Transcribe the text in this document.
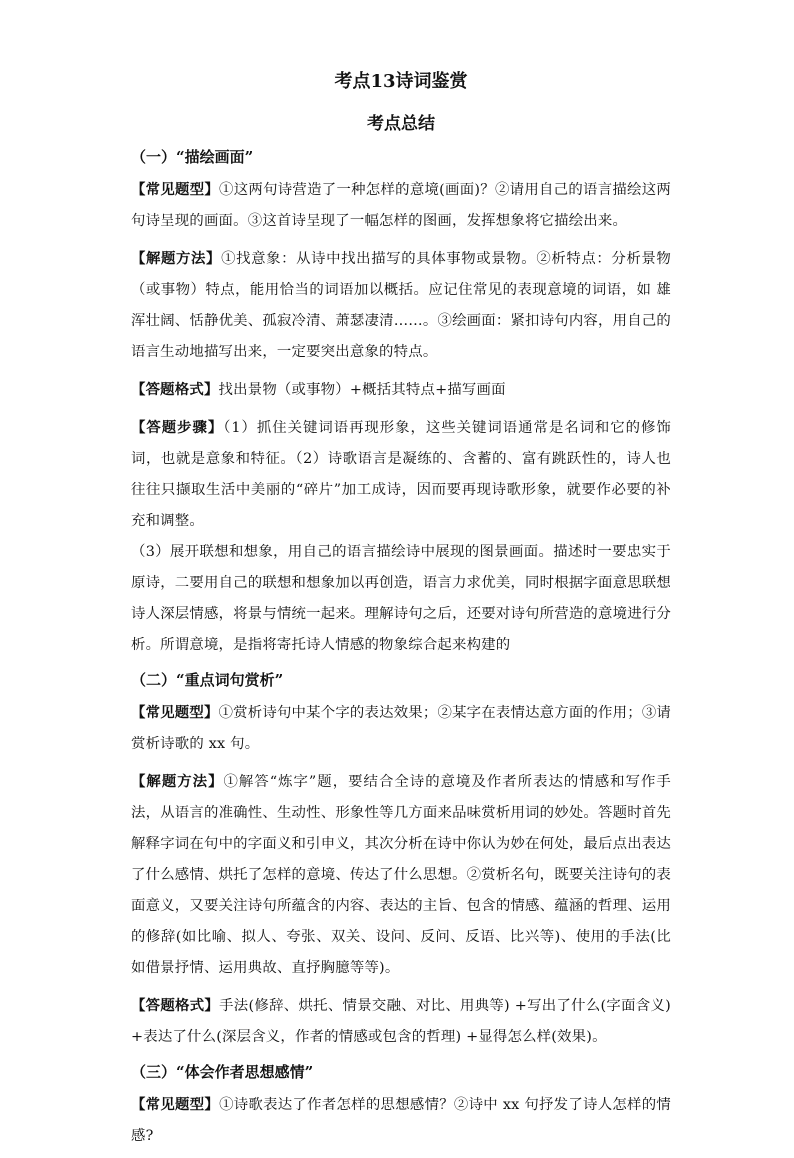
考点13诗词鉴赏
考点总结
（一）“描绘画面”

【常见题型】①这两句诗营造了一种怎样的意境(画面)？②请用自己的语言描绘这两句诗呈现的画面。③这首诗呈现了一幅怎样的图画，发挥想象将它描绘出来。

【解题方法】①找意象：从诗中找出描写的具体事物或景物。②析特点：分析景物（或事物）特点，能用恰当的词语加以概括。应记住常见的表现意境的词语，如 雄浑壮阔、恬静优美、孤寂冷清、萧瑟凄清……。③绘画面：紧扣诗句内容，用自己的语言生动地描写出来，一定要突出意象的特点。

【答题格式】找出景物（或事物）+概括其特点+描写画面

【答题步骤】（1）抓住关键词语再现形象，这些关键词语通常是名词和它的修饰词，也就是意象和特征。（2）诗歌语言是凝练的、含蓄的、富有跳跃性的，诗人也往往只撷取生活中美丽的“碎片”加工成诗，因而要再现诗歌形象，就要作必要的补充和调整。

（3）展开联想和想象，用自己的语言描绘诗中展现的图景画面。描述时一要忠实于原诗，二要用自己的联想和想象加以再创造，语言力求优美，同时根据字面意思联想诗人深层情感，将景与情统一起来。理解诗句之后，还要对诗句所营造的意境进行分析。所谓意境，是指将寄托诗人情感的物象综合起来构建的

（二）“重点词句赏析”

【常见题型】①赏析诗句中某个字的表达效果；②某字在表情达意方面的作用；③请赏析诗歌的 xx 句。

【解题方法】①解答“炼字”题，要结合全诗的意境及作者所表达的情感和写作手法，从语言的准确性、生动性、形象性等几方面来品味赏析用词的妙处。答题时首先解释字词在句中的字面义和引申义，其次分析在诗中你认为妙在何处，最后点出表达了什么感情、烘托了怎样的意境、传达了什么思想。②赏析名句，既要关注诗句的表面意义，又要关注诗句所蕴含的内容、表达的主旨、包含的情感、蕴涵的哲理、运用的修辞(如比喻、拟人、夸张、双关、设问、反问、反语、比兴等)、使用的手法(比如借景抒情、运用典故、直抒胸臆等等)。

【答题格式】手法(修辞、烘托、情景交融、对比、用典等) +写出了什么(字面含义) +表达了什么(深层含义，作者的情感或包含的哲理) +显得怎么样(效果)。

（三）“体会作者思想感情”

【常见题型】①诗歌表达了作者怎样的思想感情？②诗中 xx 句抒发了诗人怎样的情感?
